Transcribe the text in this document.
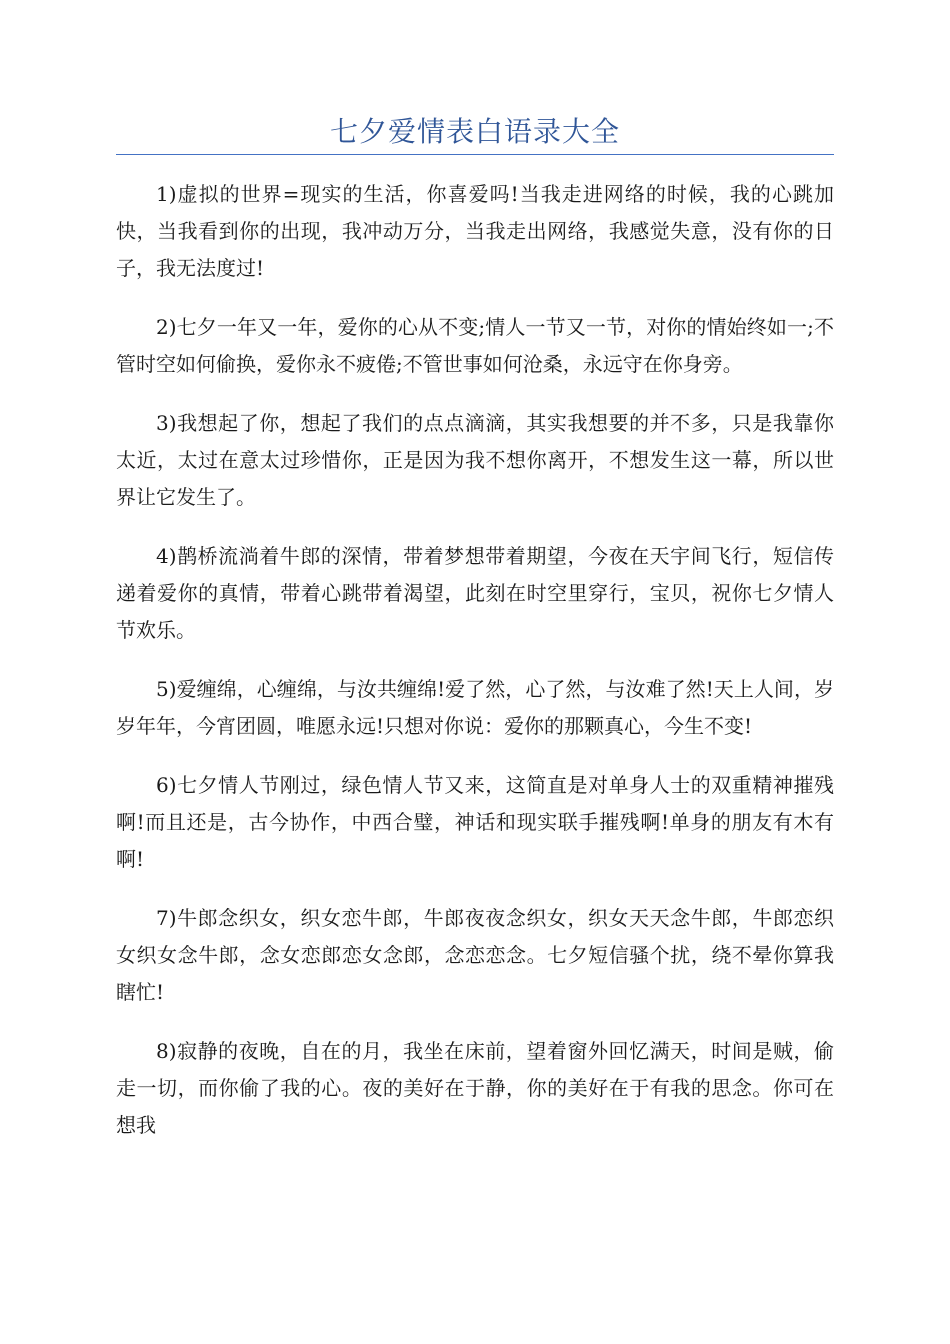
七夕爱情表白语录大全

1)虚拟的世界=现实的生活，你喜爱吗!当我走进网络的时候，我的心跳加快，当我看到你的出现，我冲动万分，当我走出网络，我感觉失意，没有你的日子，我无法度过!

2)七夕一年又一年，爱你的心从不变;情人一节又一节，对你的情始终如一;不管时空如何偷换，爱你永不疲倦;不管世事如何沧桑，永远守在你身旁。

3)我想起了你，想起了我们的点点滴滴，其实我想要的并不多，只是我靠你太近，太过在意太过珍惜你，正是因为我不想你离开，不想发生这一幕，所以世界让它发生了。

4)鹊桥流淌着牛郎的深情，带着梦想带着期望，今夜在天宇间飞行，短信传递着爱你的真情，带着心跳带着渴望，此刻在时空里穿行，宝贝，祝你七夕情人节欢乐。

5)爱缠绵，心缠绵，与汝共缠绵!爱了然，心了然，与汝难了然!天上人间，岁岁年年，今宵团圆，唯愿永远!只想对你说：爱你的那颗真心，今生不变!

6)七夕情人节刚过，绿色情人节又来，这简直是对单身人士的双重精神摧残啊!而且还是，古今协作，中西合璧，神话和现实联手摧残啊!单身的朋友有木有啊!

7)牛郎念织女，织女恋牛郎，牛郎夜夜念织女，织女天天念牛郎，牛郎恋织女织女念牛郎，念女恋郎恋女念郎，念恋恋念。七夕短信骚个扰，绕不晕你算我瞎忙!

8)寂静的夜晚，自在的月，我坐在床前，望着窗外回忆满天，时间是贼，偷走一切，而你偷了我的心。夜的美好在于静，你的美好在于有我的思念。你可在想我
